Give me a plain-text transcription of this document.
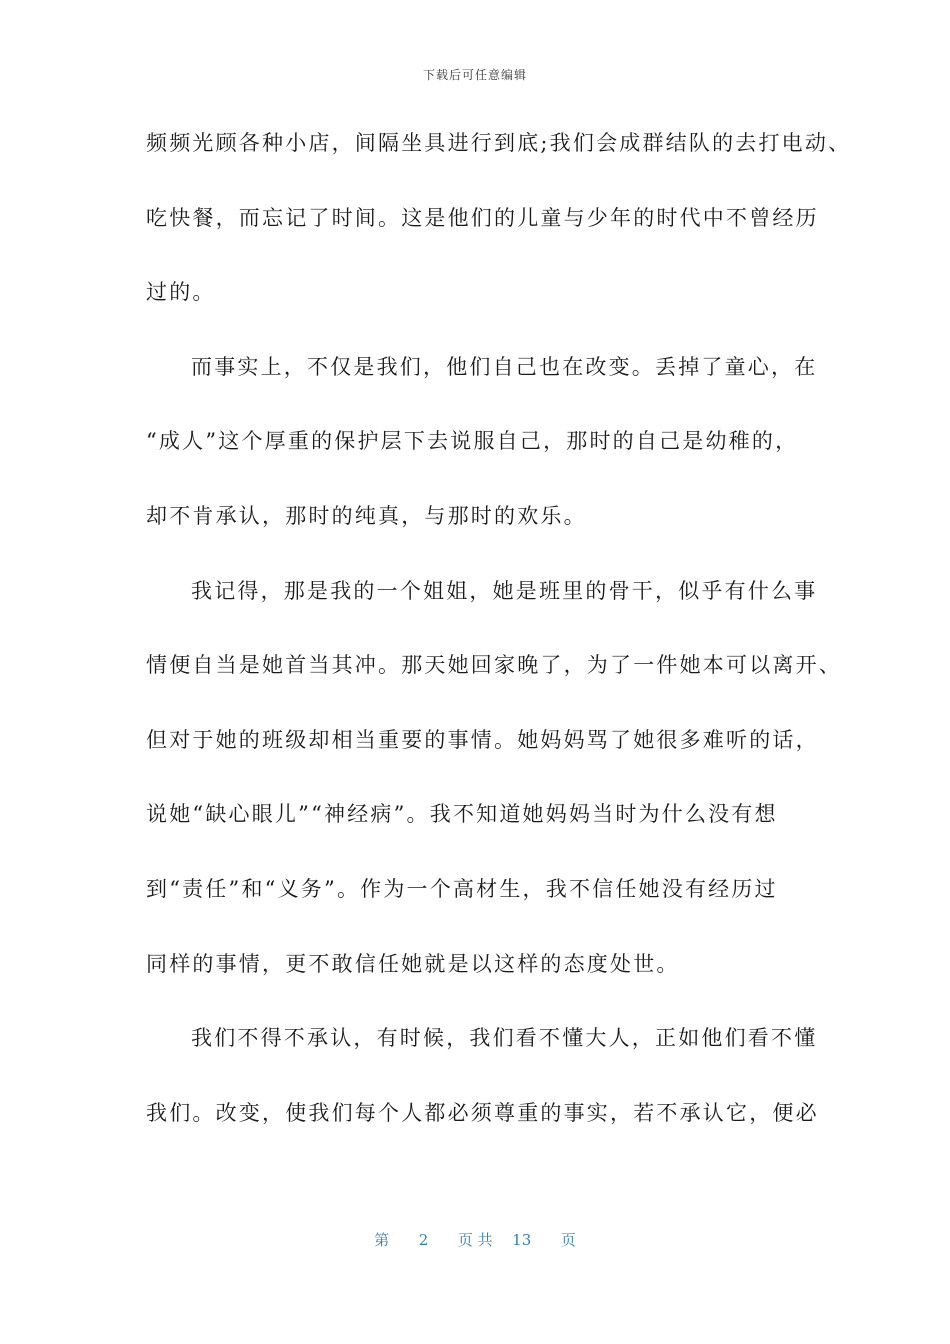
下载后可任意编辑
频频光顾各种小店，间隔坐具进行到底;我们会成群结队的去打电动、
吃快餐，而忘记了时间。这是他们的儿童与少年的时代中不曾经历
过的。
而事实上，不仅是我们，他们自己也在改变。丢掉了童心，在
“成人”这个厚重的保护层下去说服自己，那时的自己是幼稚的，
却不肯承认，那时的纯真，与那时的欢乐。
我记得，那是我的一个姐姐，她是班里的骨干，似乎有什么事
情便自当是她首当其冲。那天她回家晚了，为了一件她本可以离开、
但对于她的班级却相当重要的事情。她妈妈骂了她很多难听的话，
说她“缺心眼儿”“神经病”。我不知道她妈妈当时为什么没有想
到“责任”和“义务”。作为一个高材生，我不信任她没有经历过
同样的事情，更不敢信任她就是以这样的态度处世。
我们不得不承认，有时候，我们看不懂大人，正如他们看不懂
我们。改变，使我们每个人都必须尊重的事实，若不承认它，便必
第 2 页 共 13 页
